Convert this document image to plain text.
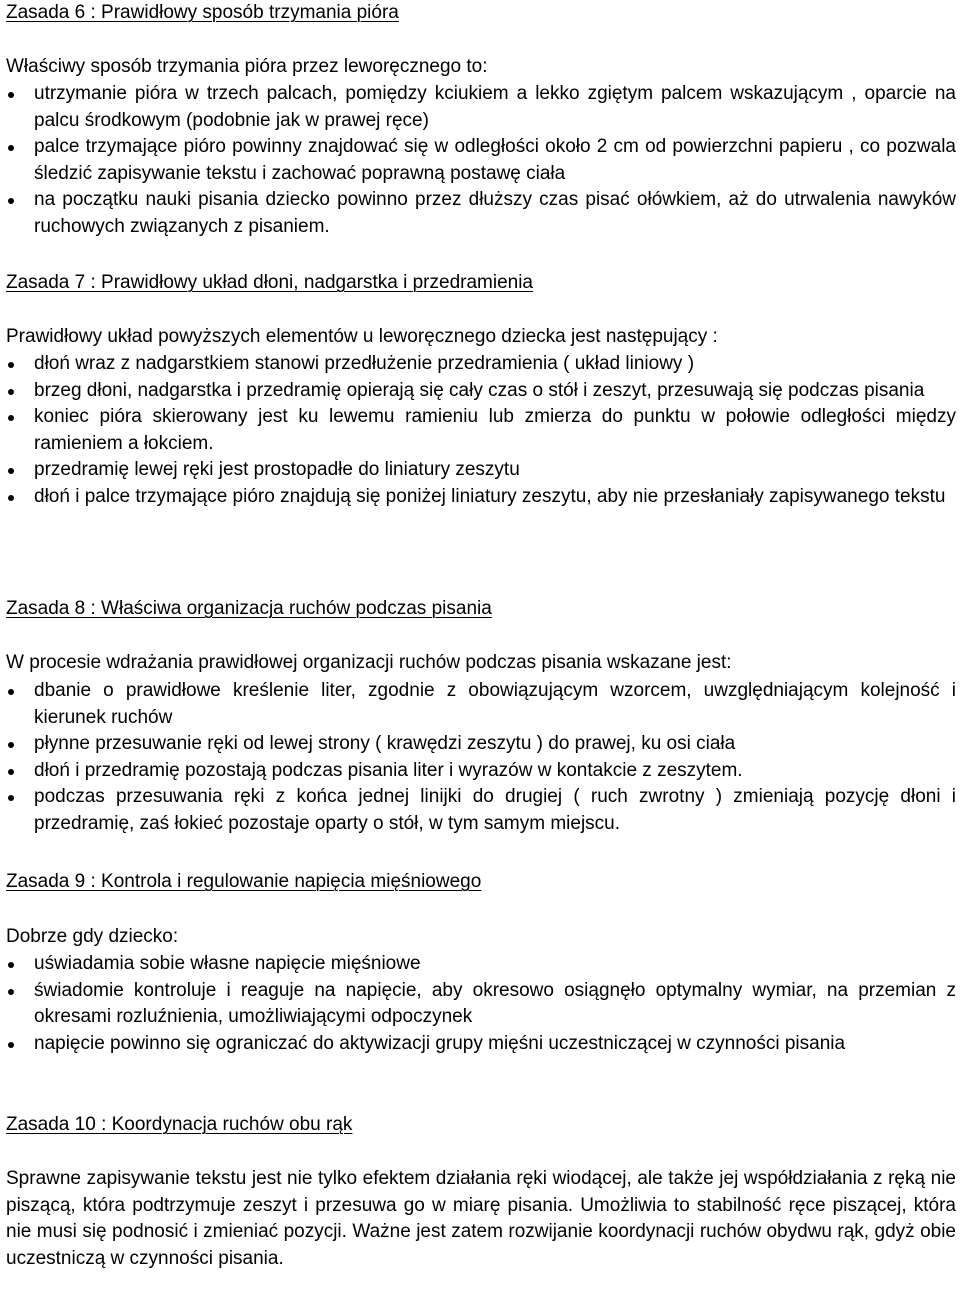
Zasada 6 : Prawidłowy sposób trzymania pióra

Właściwy sposób trzymania pióra przez leworęcznego to:

utrzymanie pióra w trzech palcach, pomiędzy kciukiem a lekko zgiętym palcem wskazującym , oparcie na palcu środkowym (podobnie jak w prawej ręce)
palce trzymające pióro powinny znajdować się w odległości około 2 cm od powierzchni papieru , co pozwala śledzić zapisywanie tekstu i zachować poprawną postawę ciała
na początku nauki pisania dziecko powinno przez dłuższy czas pisać ołówkiem, aż do utrwalenia nawyków ruchowych związanych z pisaniem.

Zasada 7 : Prawidłowy układ dłoni, nadgarstka i przedramienia

Prawidłowy układ powyższych elementów u leworęcznego dziecka jest następujący :

dłoń wraz z nadgarstkiem stanowi przedłużenie przedramienia ( układ liniowy )
brzeg dłoni, nadgarstka i przedramię opierają się cały czas o stół i zeszyt, przesuwają się podczas pisania
koniec pióra skierowany jest ku lewemu ramieniu lub zmierza do punktu w połowie odległości między ramieniem a łokciem.
przedramię lewej ręki jest prostopadłe do liniatury zeszytu
dłoń i palce trzymające pióro znajdują się poniżej liniatury zeszytu, aby nie przesłaniały zapisywanego tekstu

Zasada 8 : Właściwa organizacja ruchów podczas pisania

W procesie wdrażania prawidłowej organizacji ruchów podczas pisania wskazane jest:

dbanie o prawidłowe kreślenie liter, zgodnie z obowiązującym wzorcem, uwzględniającym kolejność i kierunek ruchów
płynne przesuwanie ręki od lewej strony ( krawędzi zeszytu ) do prawej, ku osi ciała
dłoń i przedramię pozostają podczas pisania liter i wyrazów w kontakcie z zeszytem.
podczas przesuwania ręki z końca jednej linijki do drugiej ( ruch zwrotny ) zmieniają pozycję dłoni i przedramię, zaś łokieć pozostaje oparty o stół, w tym samym miejscu.

Zasada 9 : Kontrola i regulowanie napięcia mięśniowego

Dobrze gdy dziecko:

uświadamia sobie własne napięcie mięśniowe
świadomie kontroluje i reaguje na napięcie, aby okresowo osiągnęło optymalny wymiar, na przemian z okresami rozluźnienia, umożliwiającymi odpoczynek
napięcie powinno się ograniczać do aktywizacji grupy mięśni uczestniczącej w czynności pisania

Zasada 10 : Koordynacja ruchów obu rąk

Sprawne zapisywanie tekstu jest nie tylko efektem działania ręki wiodącej, ale także jej współdziałania z ręką nie piszącą, która podtrzymuje zeszyt i przesuwa go w miarę pisania. Umożliwia to stabilność ręce piszącej, która nie musi się podnosić i zmieniać pozycji. Ważne jest zatem rozwijanie koordynacji ruchów obydwu rąk, gdyż obie uczestniczą w czynności pisania.
